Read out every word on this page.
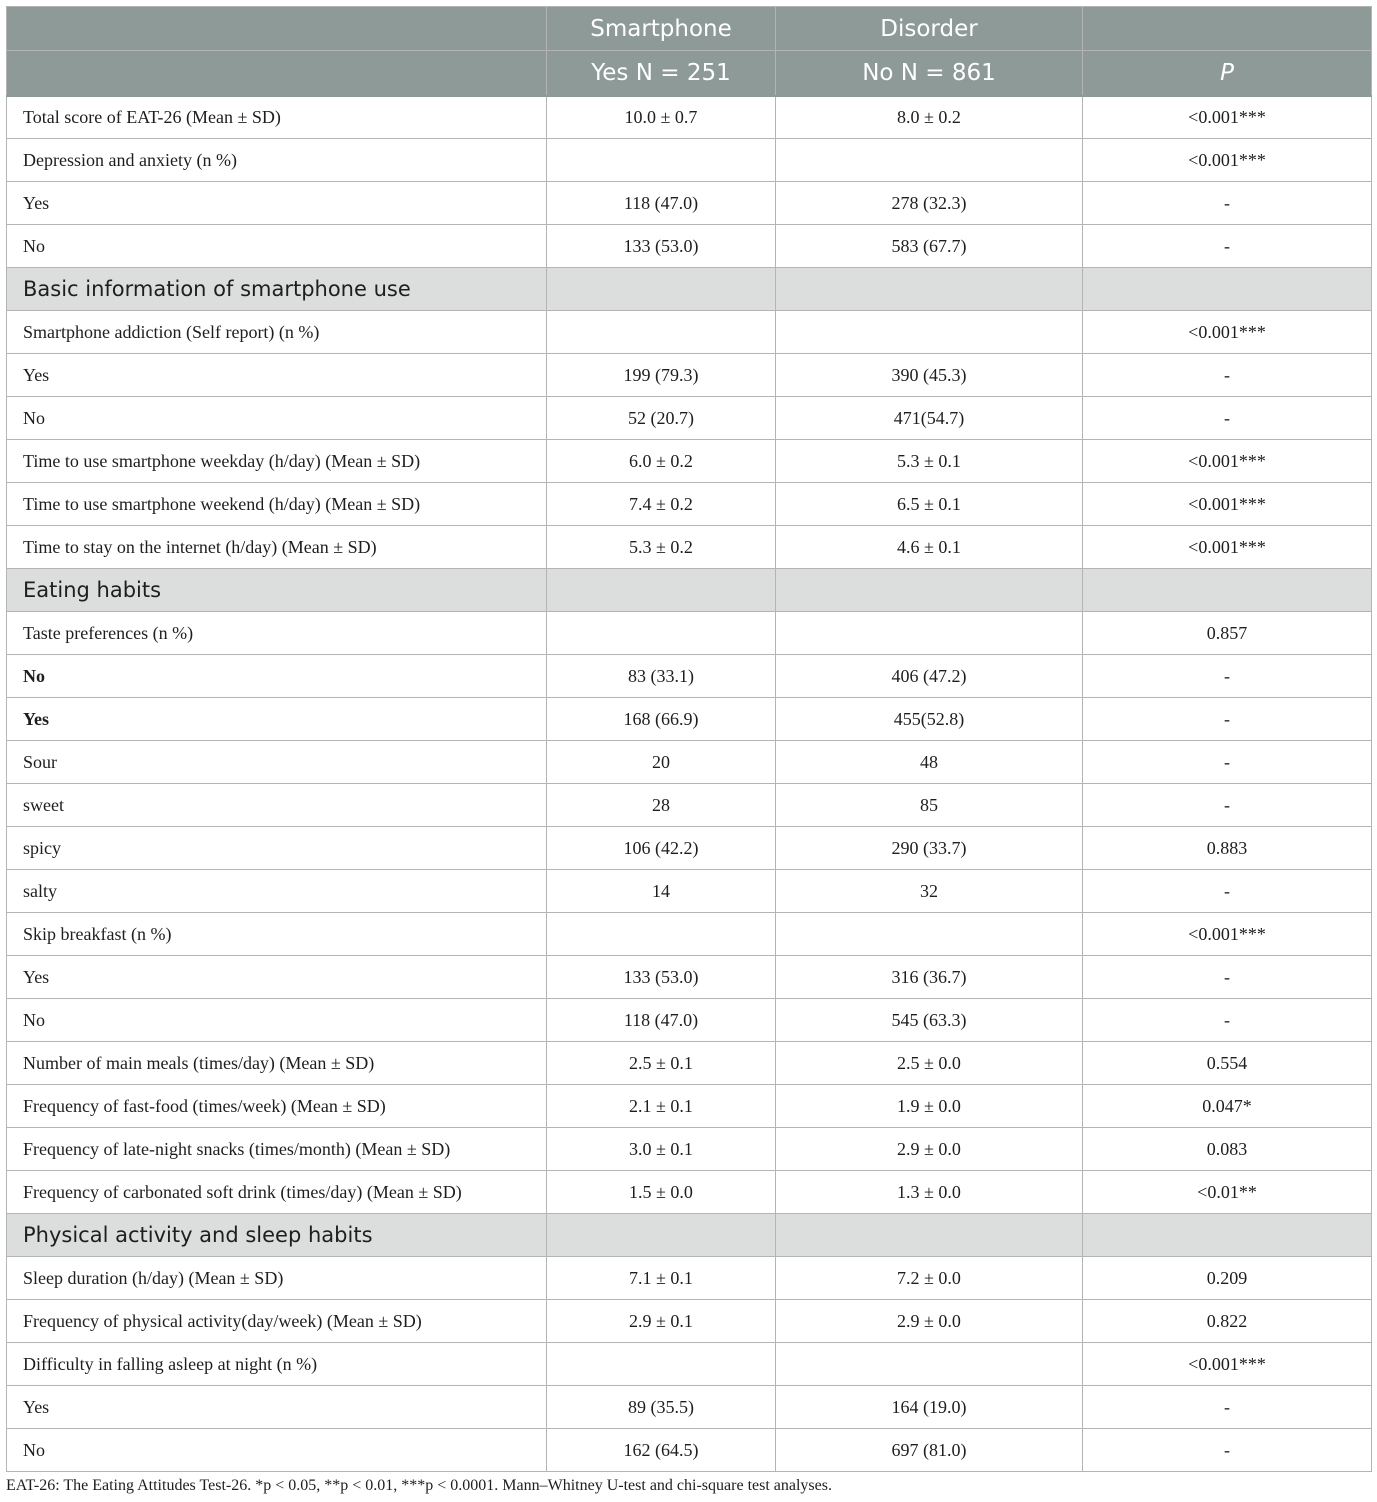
	Smartphone	Disorder	
	Yes N = 251	No N = 861	P
Total score of EAT-26 (Mean ± SD)	10.0 ± 0.7	8.0 ± 0.2	<0.001***
Depression and anxiety (n %)			<0.001***
Yes	118 (47.0)	278 (32.3)	-
No	133 (53.0)	583 (67.7)	-
Basic information of smartphone use			
Smartphone addiction (Self report) (n %)			<0.001***
Yes	199 (79.3)	390 (45.3)	-
No	52 (20.7)	471(54.7)	-
Time to use smartphone weekday (h/day) (Mean ± SD)	6.0 ± 0.2	5.3 ± 0.1	<0.001***
Time to use smartphone weekend (h/day) (Mean ± SD)	7.4 ± 0.2	6.5 ± 0.1	<0.001***
Time to stay on the internet (h/day) (Mean ± SD)	5.3 ± 0.2	4.6 ± 0.1	<0.001***
Eating habits			
Taste preferences (n %)			0.857
No	83 (33.1)	406 (47.2)	-
Yes	168 (66.9)	455(52.8)	-
Sour	20	48	-
sweet	28	85	-
spicy	106 (42.2)	290 (33.7)	0.883
salty	14	32	-
Skip breakfast (n %)			<0.001***
Yes	133 (53.0)	316 (36.7)	-
No	118 (47.0)	545 (63.3)	-
Number of main meals (times/day) (Mean ± SD)	2.5 ± 0.1	2.5 ± 0.0	0.554
Frequency of fast-food (times/week) (Mean ± SD)	2.1 ± 0.1	1.9 ± 0.0	0.047*
Frequency of late-night snacks (times/month) (Mean ± SD)	3.0 ± 0.1	2.9 ± 0.0	0.083
Frequency of carbonated soft drink (times/day) (Mean ± SD)	1.5 ± 0.0	1.3 ± 0.0	<0.01**
Physical activity and sleep habits			
Sleep duration (h/day) (Mean ± SD)	7.1 ± 0.1	7.2 ± 0.0	0.209
Frequency of physical activity(day/week) (Mean ± SD)	2.9 ± 0.1	2.9 ± 0.0	0.822
Difficulty in falling asleep at night (n %)			<0.001***
Yes	89 (35.5)	164 (19.0)	-
No	162 (64.5)	697 (81.0)	-
EAT-26: The Eating Attitudes Test-26. *p < 0.05, **p < 0.01, ***p < 0.0001. Mann–Whitney U-test and chi-square test analyses.
